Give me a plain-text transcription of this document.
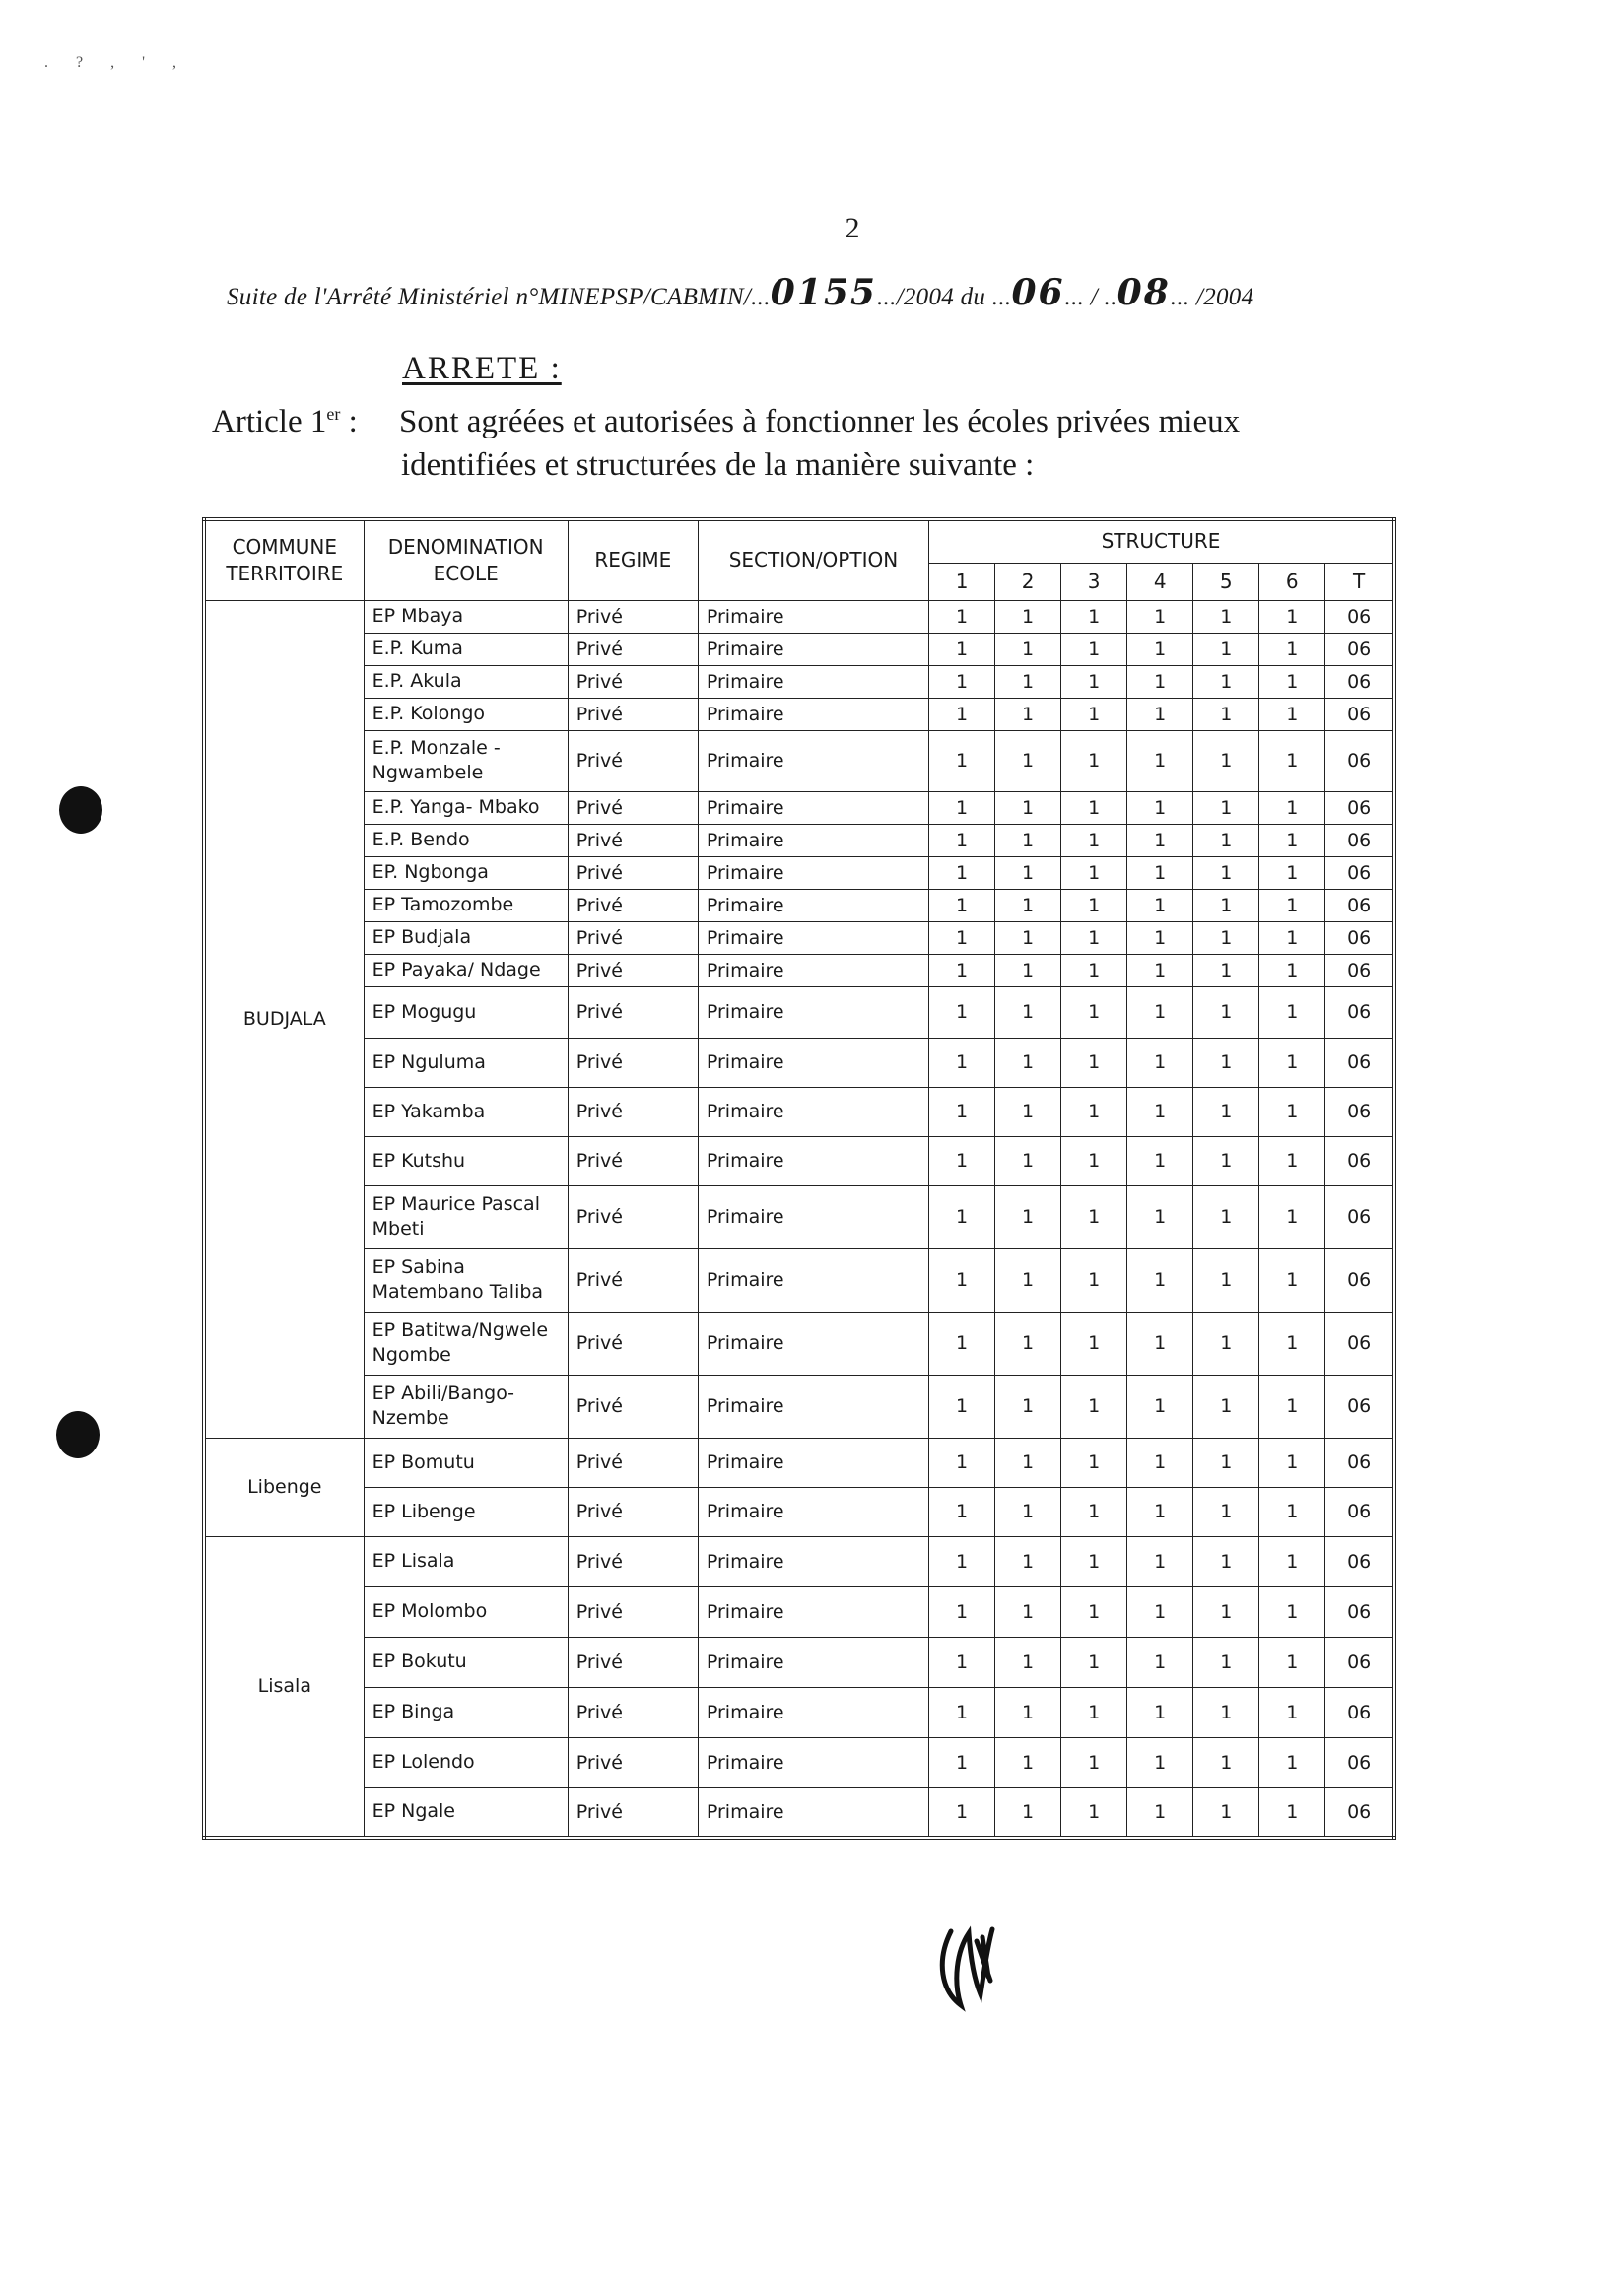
. ? , ' ,
2
Suite de l'Arrêté Ministériel n°MINEPSP/CABMIN/...0155.../2004 du ...06... / ..08... /2004
ARRETE :
Article 1er : Sont agréées et autorisées à fonctionner les écoles privées mieux
identifiées et structurées de la manière suivante :
COMMUNE TERRITOIRE	DENOMINATION ECOLE	REGIME	SECTION/OPTION	STRUCTURE						
				1	2	3	4	5	6	T
BUDJALA	EP Mbaya	Privé	Primaire	1	1	1	1	1	1	06
	E.P. Kuma	Privé	Primaire	1	1	1	1	1	1	06
	E.P. Akula	Privé	Primaire	1	1	1	1	1	1	06
	E.P. Kolongo	Privé	Primaire	1	1	1	1	1	1	06
	E.P. Monzale - Ngwambele	Privé	Primaire	1	1	1	1	1	1	06
	E.P. Yanga- Mbako	Privé	Primaire	1	1	1	1	1	1	06
	E.P. Bendo	Privé	Primaire	1	1	1	1	1	1	06
	EP. Ngbonga	Privé	Primaire	1	1	1	1	1	1	06
	EP Tamozombe	Privé	Primaire	1	1	1	1	1	1	06
	EP Budjala	Privé	Primaire	1	1	1	1	1	1	06
	EP Payaka/ Ndage	Privé	Primaire	1	1	1	1	1	1	06
	EP Mogugu	Privé	Primaire	1	1	1	1	1	1	06
	EP Nguluma	Privé	Primaire	1	1	1	1	1	1	06
	EP Yakamba	Privé	Primaire	1	1	1	1	1	1	06
	EP Kutshu	Privé	Primaire	1	1	1	1	1	1	06
	EP Maurice Pascal Mbeti	Privé	Primaire	1	1	1	1	1	1	06
	EP Sabina Matembano Taliba	Privé	Primaire	1	1	1	1	1	1	06
	EP Batitwa/Ngwele Ngombe	Privé	Primaire	1	1	1	1	1	1	06
	EP Abili/Bango-Nzembe	Privé	Primaire	1	1	1	1	1	1	06
Libenge	EP Bomutu	Privé	Primaire	1	1	1	1	1	1	06
	EP Libenge	Privé	Primaire	1	1	1	1	1	1	06
Lisala	EP Lisala	Privé	Primaire	1	1	1	1	1	1	06
	EP Molombo	Privé	Primaire	1	1	1	1	1	1	06
	EP Bokutu	Privé	Primaire	1	1	1	1	1	1	06
	EP Binga	Privé	Primaire	1	1	1	1	1	1	06
	EP Lolendo	Privé	Primaire	1	1	1	1	1	1	06
	EP Ngale	Privé	Primaire	1	1	1	1	1	1	06
